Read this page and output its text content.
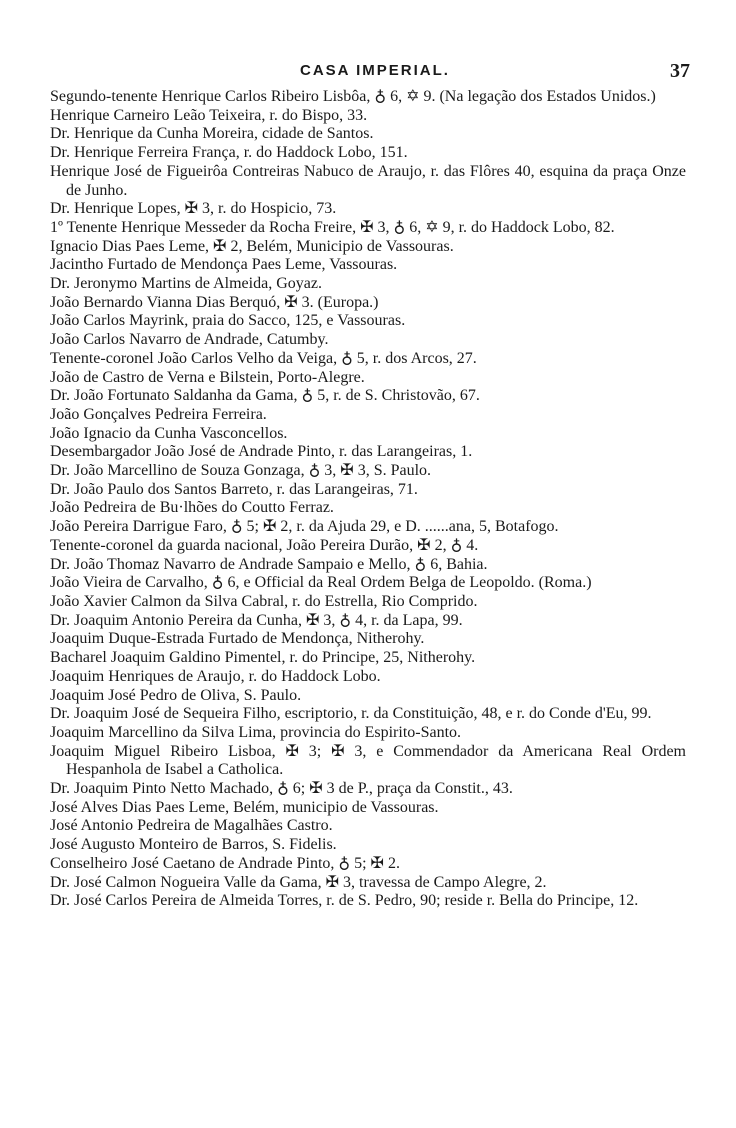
CASA IMPERIAL.	37

Segundo-tenente Henrique Carlos Ribeiro Lisbôa, ♁ 6, ✡ 9. (Na legação dos Estados Unidos.)

Henrique Carneiro Leão Teixeira, r. do Bispo, 33.

Dr. Henrique da Cunha Moreira, cidade de Santos.

Dr. Henrique Ferreira França, r. do Haddock Lobo, 151.

Henrique José de Figueirôa Contreiras Nabuco de Araujo, r. das Flôres 40, esquina da praça Onze de Junho.

Dr. Henrique Lopes, ✠ 3, r. do Hospicio, 73.

1º Tenente Henrique Messeder da Rocha Freire, ✠ 3, ♁ 6, ✡ 9, r. do Haddock Lobo, 82.

Ignacio Dias Paes Leme, ✠ 2, Belém, Municipio de Vassouras.

Jacintho Furtado de Mendonça Paes Leme, Vassouras.

Dr. Jeronymo Martins de Almeida, Goyaz.

João Bernardo Vianna Dias Berquó, ✠ 3. (Europa.)

João Carlos Mayrink, praia do Sacco, 125, e Vassouras.

João Carlos Navarro de Andrade, Catumby.

Tenente-coronel João Carlos Velho da Veiga, ♁ 5, r. dos Arcos, 27.

João de Castro de Verna e Bilstein, Porto-Alegre.

Dr. João Fortunato Saldanha da Gama, ♁ 5, r. de S. Christovão, 67.

João Gonçalves Pedreira Ferreira.

João Ignacio da Cunha Vasconcellos.

Desembargador João José de Andrade Pinto, r. das Larangeiras, 1.

Dr. João Marcellino de Souza Gonzaga, ♁ 3, ✠ 3, S. Paulo.

Dr. João Paulo dos Santos Barreto, r. das Larangeiras, 71.

João Pedreira de Bu·lhões do Coutto Ferraz.

João Pereira Darrigue Faro, ♁ 5; ✠ 2, r. da Ajuda 29, e D. ......ana, 5, Botafogo.

Tenente-coronel da guarda nacional, João Pereira Durão, ✠ 2, ♁ 4.

Dr. João Thomaz Navarro de Andrade Sampaio e Mello, ♁ 6, Bahia.

João Vieira de Carvalho, ♁ 6, e Official da Real Ordem Belga de Leopoldo. (Roma.)

João Xavier Calmon da Silva Cabral, r. do Estrella, Rio Comprido.

Dr. Joaquim Antonio Pereira da Cunha, ✠ 3, ♁ 4, r. da Lapa, 99.

Joaquim Duque-Estrada Furtado de Mendonça, Nitherohy.

Bacharel Joaquim Galdino Pimentel, r. do Principe, 25, Nitherohy.

Joaquim Henriques de Araujo, r. do Haddock Lobo.

Joaquim José Pedro de Oliva, S. Paulo.

Dr. Joaquim José de Sequeira Filho, escriptorio, r. da Constituição, 48, e r. do Conde d'Eu, 99.

Joaquim Marcellino da Silva Lima, provincia do Espirito-Santo.

Joaquim Miguel Ribeiro Lisboa, ✠ 3; ✠ 3, e Commendador da Americana Real Ordem Hespanhola de Isabel a Catholica.

Dr. Joaquim Pinto Netto Machado, ♁ 6; ✠ 3 de P., praça da Constit., 43.

José Alves Dias Paes Leme, Belém, municipio de Vassouras.

José Antonio Pedreira de Magalhães Castro.

José Augusto Monteiro de Barros, S. Fidelis.

Conselheiro José Caetano de Andrade Pinto, ♁ 5; ✠ 2.

Dr. José Calmon Nogueira Valle da Gama, ✠ 3, travessa de Campo Alegre, 2.

Dr. José Carlos Pereira de Almeida Torres, r. de S. Pedro, 90; reside r. Bella do Principe, 12.
